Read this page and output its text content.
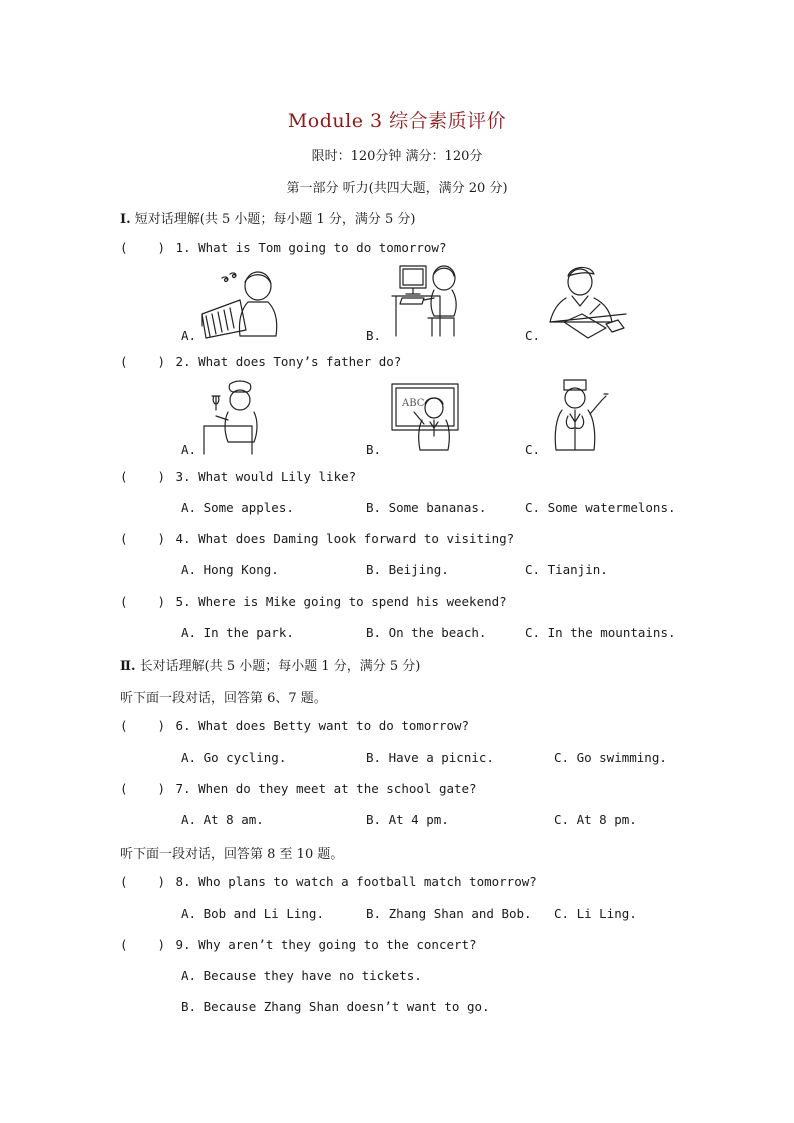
Module 3 综合素质评价
限时：120分钟 满分：120分
第一部分 听力(共四大题，满分 20 分)
I. 短对话理解(共 5 小题；每小题 1 分，满分 5 分)
( ) 1. What is Tom going to do tomorrow?
A.	B.	C.
( ) 2. What does Tony’s father do?
ABC
A.	B.	C.
( ) 3. What would Lily like?
A. Some apples.	B. Some bananas.	C. Some watermelons.
( ) 4. What does Daming look forward to visiting?
A. Hong Kong.	B. Beijing.	C. Tianjin.
( ) 5. Where is Mike going to spend his weekend?
A. In the park.	B. On the beach.	C. In the mountains.
Ⅱ. 长对话理解(共 5 小题；每小题 1 分，满分 5 分)
听下面一段对话，回答第 6、7 题。
( ) 6. What does Betty want to do tomorrow?
A. Go cycling.	B. Have a picnic.	C. Go swimming.
( ) 7. When do they meet at the school gate?
A. At 8 am.	B. At 4 pm.	C. At 8 pm.
听下面一段对话，回答第 8 至 10 题。
( ) 8. Who plans to watch a football match tomorrow?
A. Bob and Li Ling.	B. Zhang Shan and Bob. C. Li Ling.
( ) 9. Why aren’t they going to the concert?
A. Because they have no tickets.
B. Because Zhang Shan doesn’t want to go.
